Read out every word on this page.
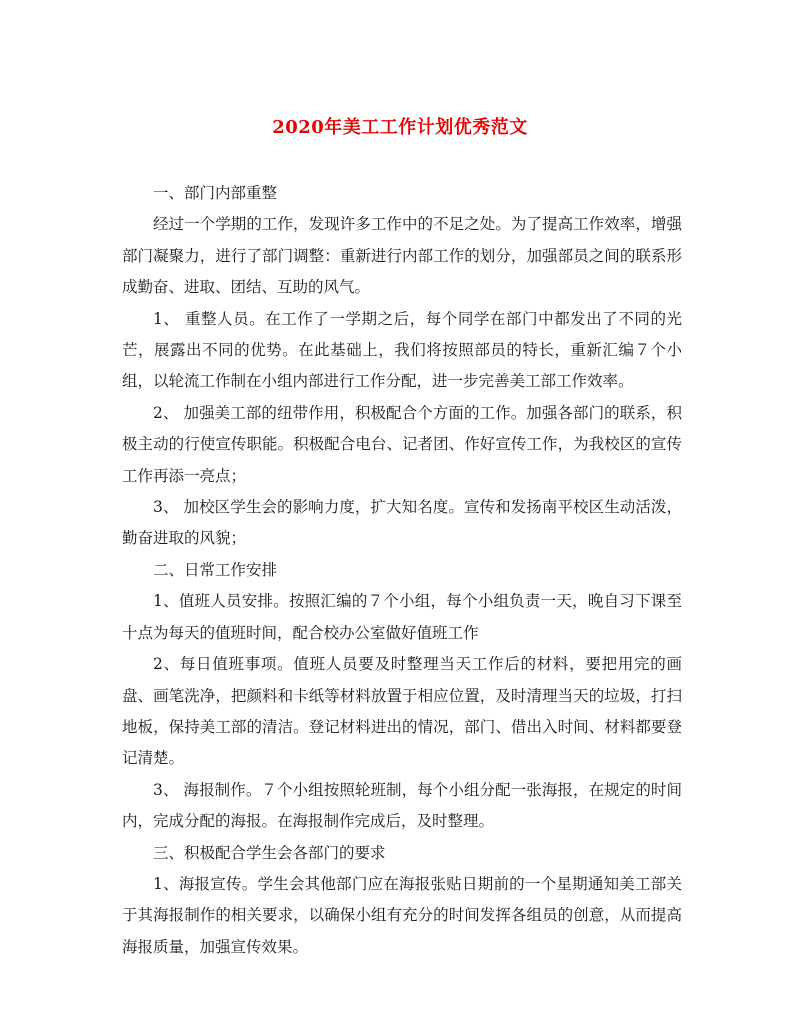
2020年美工工作计划优秀范文

一、部门内部重整

经过一个学期的工作，发现许多工作中的不足之处。为了提高工作效率，增强部门凝聚力，进行了部门调整：重新进行内部工作的划分，加强部员之间的联系形成勤奋、进取、团结、互助的风气。

1、 重整人员。在工作了一学期之后，每个同学在部门中都发出了不同的光芒，展露出不同的优势。在此基础上，我们将按照部员的特长，重新汇编７个小组，以轮流工作制在小组内部进行工作分配，进一步完善美工部工作效率。

2、 加强美工部的纽带作用，积极配合个方面的工作。加强各部门的联系，积极主动的行使宣传职能。积极配合电台、记者团、作好宣传工作，为我校区的宣传工作再添一亮点；

3、 加校区学生会的影响力度，扩大知名度。宣传和发扬南平校区生动活泼，勤奋进取的风貌；

二、日常工作安排

1、值班人员安排。按照汇编的７个小组，每个小组负责一天，晚自习下课至十点为每天的值班时间，配合校办公室做好值班工作

2、每日值班事项。值班人员要及时整理当天工作后的材料，要把用完的画盘、画笔洗净，把颜料和卡纸等材料放置于相应位置，及时清理当天的垃圾，打扫地板，保持美工部的清洁。登记材料进出的情况，部门、借出入时间、材料都要登记清楚。

3、 海报制作。７个小组按照轮班制，每个小组分配一张海报，在规定的时间内，完成分配的海报。在海报制作完成后，及时整理。

三、积极配合学生会各部门的要求

1、海报宣传。学生会其他部门应在海报张贴日期前的一个星期通知美工部关于其海报制作的相关要求，以确保小组有充分的时间发挥各组员的创意，从而提高海报质量，加强宣传效果。
